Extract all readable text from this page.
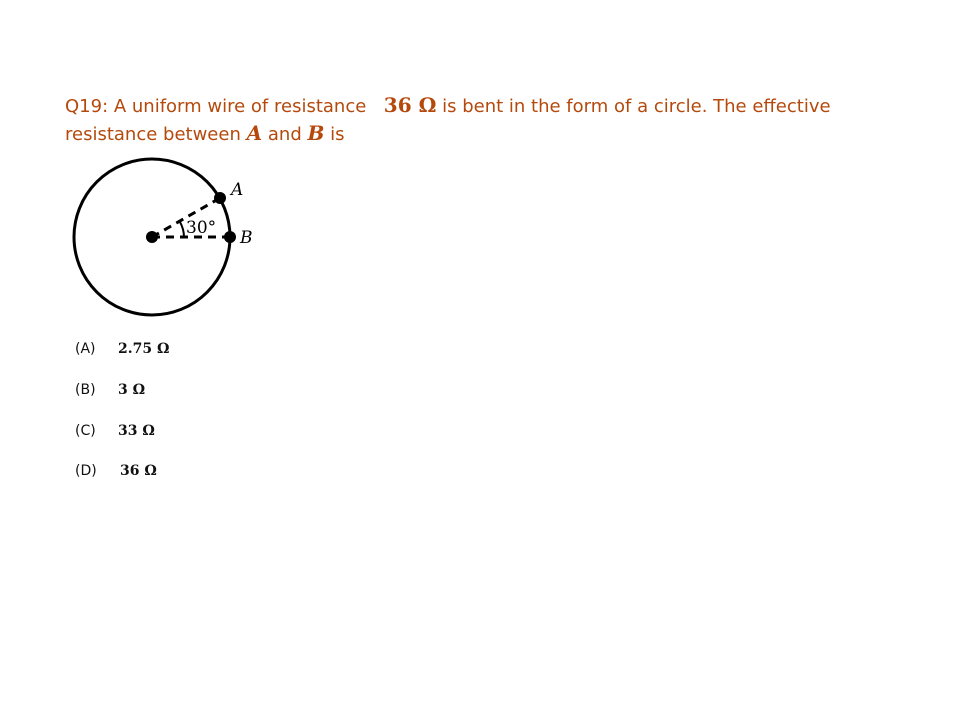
Q19: A uniform wire of resistance 36 Ω is bent in the form of a circle. The effective
resistance between A and B is
A
B
30°
(A) 2.75 Ω
(B) 3 Ω
(C) 33 Ω
(D) 36 Ω
